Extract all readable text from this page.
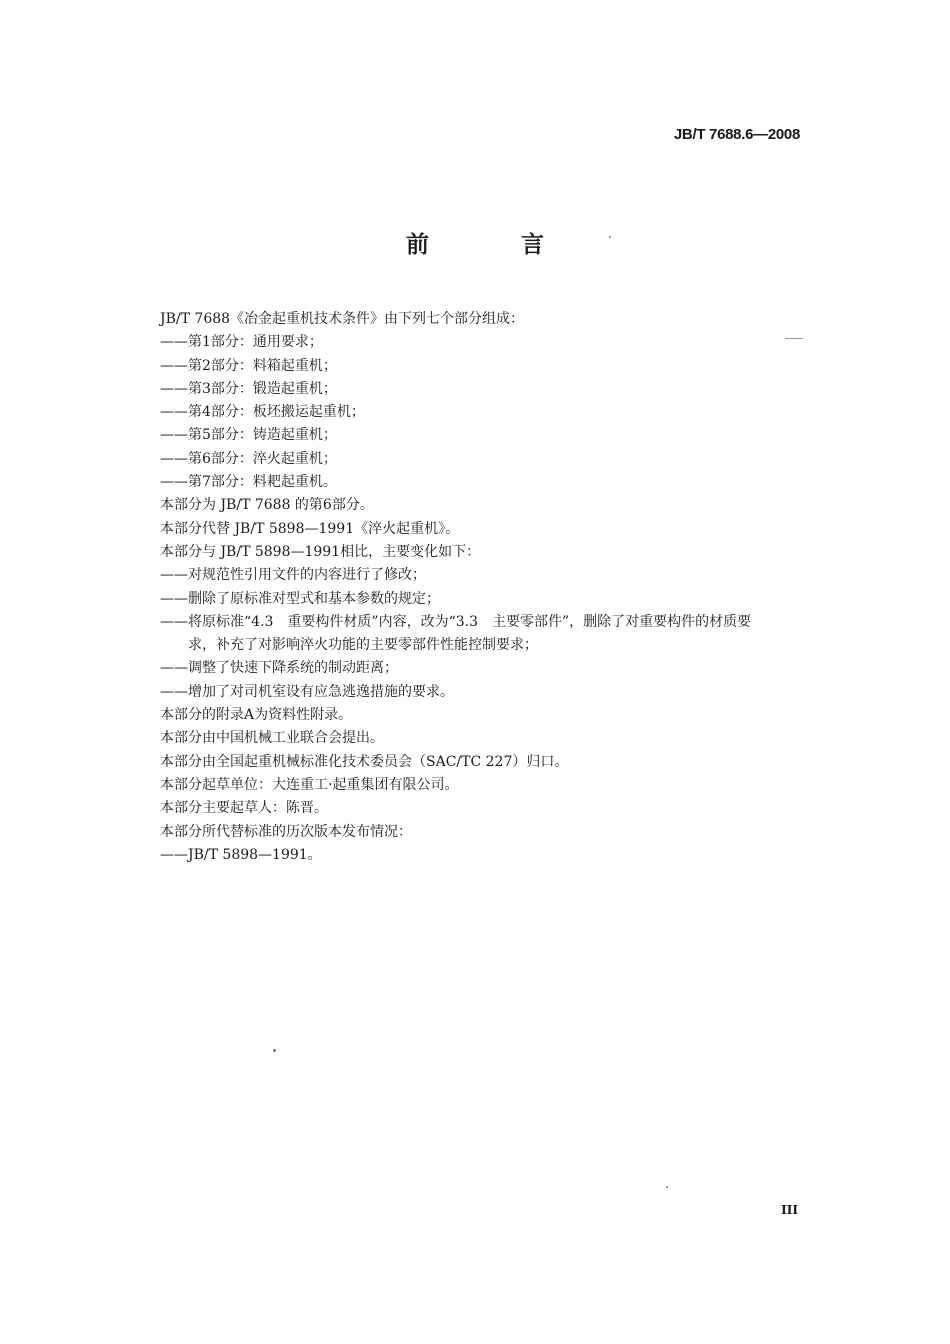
JB/T 7688.6—2008
前 言
JB/T 7688《冶金起重机技术条件》由下列七个部分组成：
——第1部分：通用要求；
——第2部分：料箱起重机；
——第3部分：锻造起重机；
——第4部分：板坯搬运起重机；
——第5部分：铸造起重机；
——第6部分：淬火起重机；
——第7部分：料耙起重机。
本部分为 JB/T 7688 的第6部分。
本部分代替 JB/T 5898—1991《淬火起重机》。
本部分与 JB/T 5898—1991相比，主要变化如下：
——对规范性引用文件的内容进行了修改；
——删除了原标准对型式和基本参数的规定；
——将原标准“4.3　重要构件材质”内容，改为“3.3　主要零部件”，删除了对重要构件的材质要
求，补充了对影响淬火功能的主要零部件性能控制要求；
——调整了快速下降系统的制动距离；
——增加了对司机室设有应急逃逸措施的要求。
本部分的附录A为资料性附录。
本部分由中国机械工业联合会提出。
本部分由全国起重机械标准化技术委员会（SAC/TC 227）归口。
本部分起草单位：大连重工·起重集团有限公司。
本部分主要起草人：陈晋。
本部分所代替标准的历次版本发布情况：
——JB/T 5898—1991。
III
